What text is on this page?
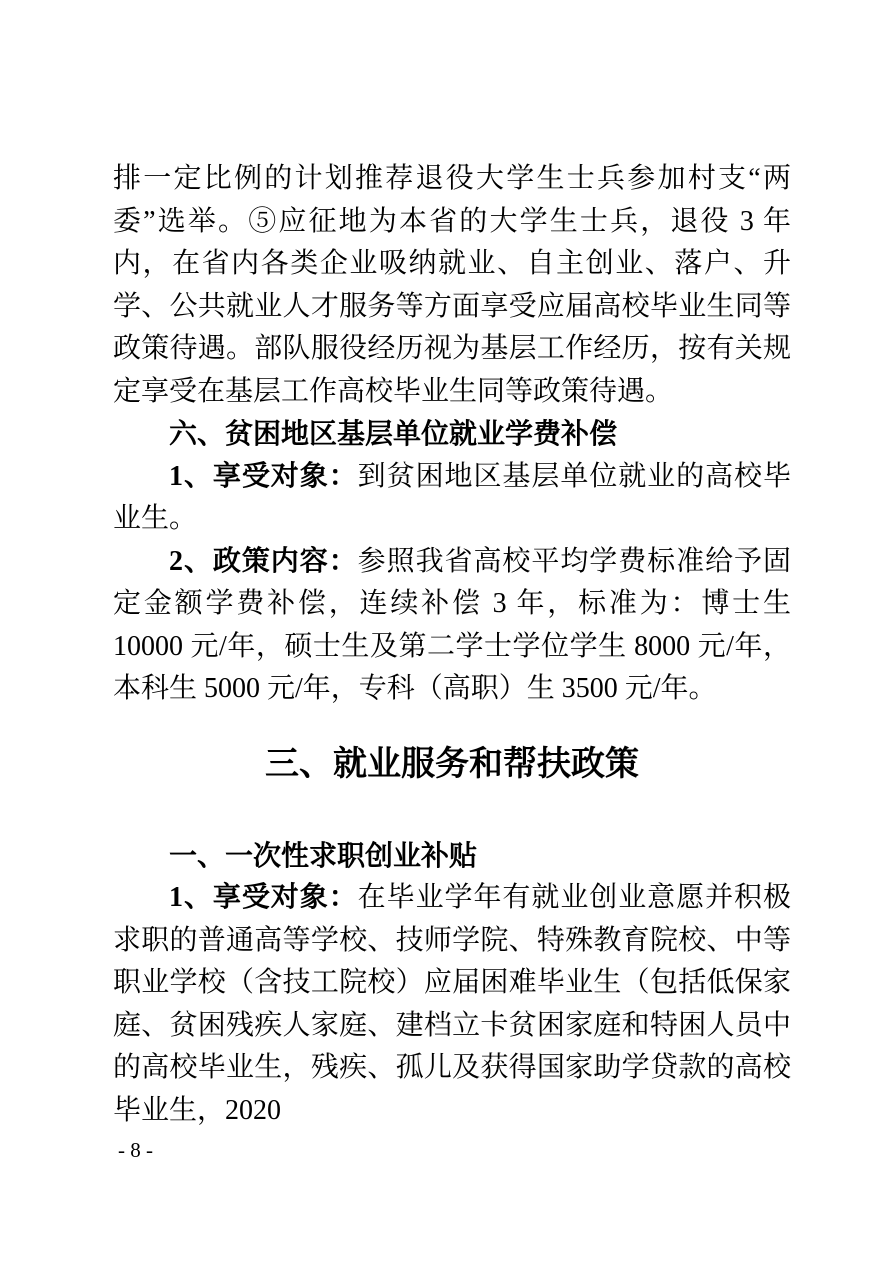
排一定比例的计划推荐退役大学生士兵参加村支“两委”选举。⑤应征地为本省的大学生士兵，退役 3 年内，在省内各类企业吸纳就业、自主创业、落户、升学、公共就业人才服务等方面享受应届高校毕业生同等政策待遇。部队服役经历视为基层工作经历，按有关规定享受在基层工作高校毕业生同等政策待遇。

六、贫困地区基层单位就业学费补偿

1、享受对象：到贫困地区基层单位就业的高校毕业生。

2、政策内容：参照我省高校平均学费标准给予固定金额学费补偿，连续补偿 3 年，标准为：博士生 10000 元/年，硕士生及第二学士学位学生 8000 元/年，本科生 5000 元/年，专科（高职）生 3500 元/年。

三、就业服务和帮扶政策
一、一次性求职创业补贴

1、享受对象：在毕业学年有就业创业意愿并积极求职的普通高等学校、技师学院、特殊教育院校、中等职业学校（含技工院校）应届困难毕业生（包括低保家庭、贫困残疾人家庭、建档立卡贫困家庭和特困人员中的高校毕业生，残疾、孤儿及获得国家助学贷款的高校毕业生，2020

- 8 -
